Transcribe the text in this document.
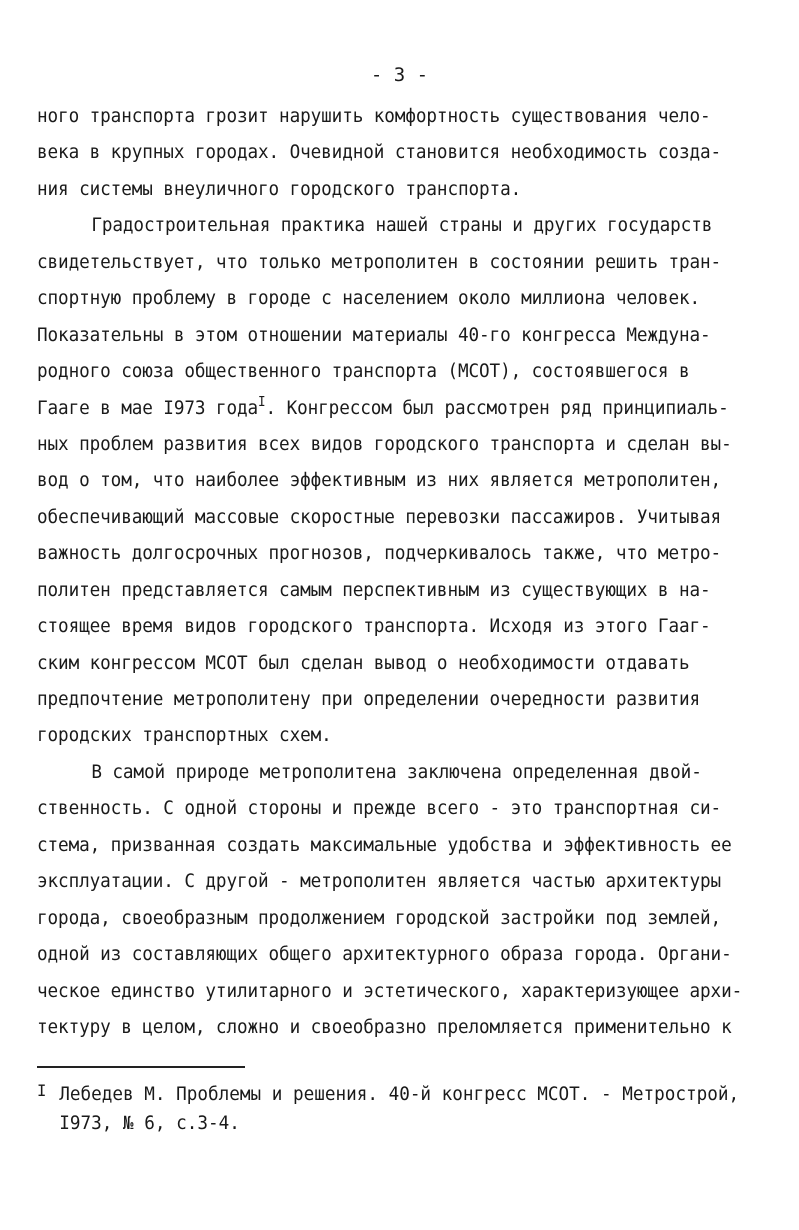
- 3 -
ного транспорта грозит нарушить комфортность существования чело-
века в крупных городах. Очевидной становится необходимость созда-
ния системы внеуличного городского транспорта.
Градостроительная практика нашей страны и других государств
свидетельствует, что только метрополитен в состоянии решить тран-
спортную проблему в городе с населением около миллиона человек.
Показательны в этом отношении материалы 40-го конгресса Междуна-
родного союза общественного транспорта (МСОТ), состоявшегося в
Гааге в мае I973 года$^I$. Конгрессом был рассмотрен ряд принципиаль-
ных проблем развития всех видов городского транспорта и сделан вы-
вод о том, что наиболее эффективным из них является метрополитен,
обеспечивающий массовые скоростные перевозки пассажиров. Учитывая
важность долгосрочных прогнозов, подчеркивалось также, что метро-
политен представляется самым перспективным из существующих в на-
стоящее время видов городского транспорта. Исходя из этого Гааг-
ским конгрессом МСОТ был сделан вывод о необходимости отдавать
предпочтение метрополитену при определении очередности развития
городских транспортных схем.
В самой природе метрополитена заключена определенная двой-
ственность. С одной стороны и прежде всего - это транспортная си-
стема, призванная создать максимальные удобства и эффективность ее
эксплуатации. С другой - метрополитен является частью архитектуры
города, своеобразным продолжением городской застройки под землей,
одной из составляющих общего архитектурного образа города. Органи-
ческое единство утилитарного и эстетического, характеризующее архи-
тектуру в целом, сложно и своеобразно преломляется применительно к
I Лебедев М. Проблемы и решения. 40-й конгресс МСОТ. - Метрострой,
I973, № 6, с.3-4.
